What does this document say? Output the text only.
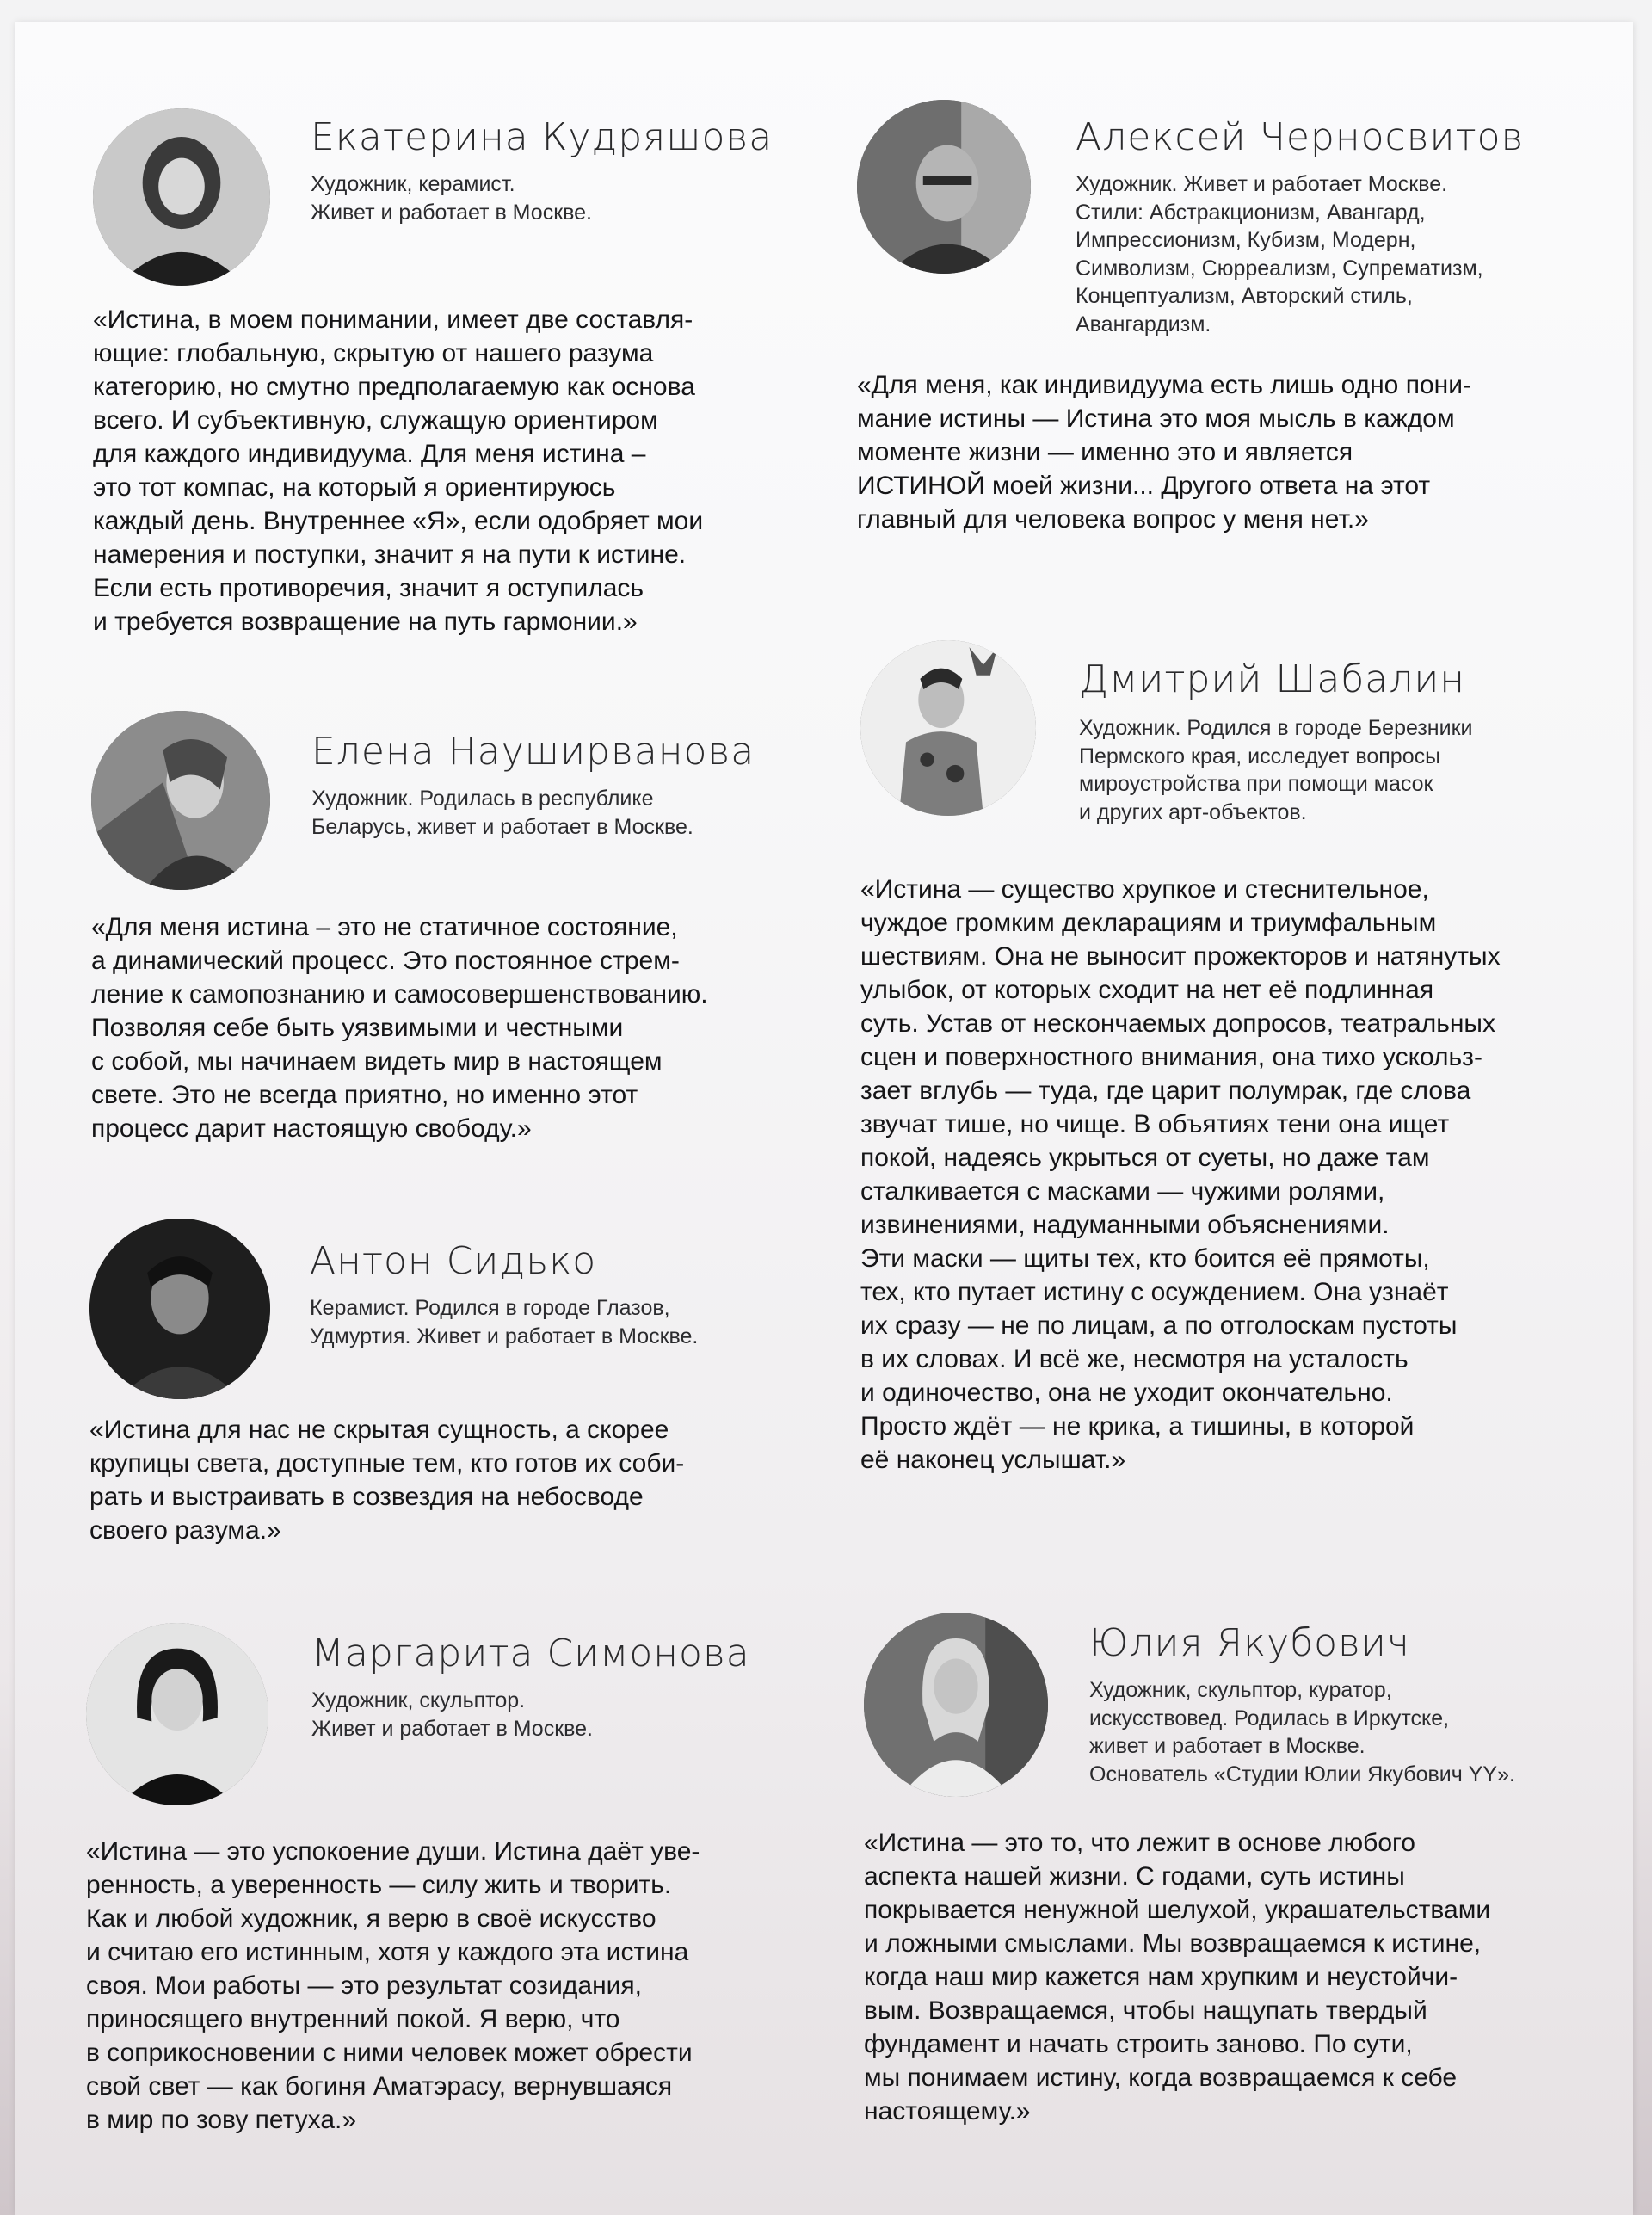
Екатерина Кудряшова
Художник, керамист.
Живет и работает в Москве.
«Истина, в моем понимании, имеет две составля-
ющие: глобальную, скрытую от нашего разума
категорию, но смутно предполагаемую как основа
всего. И субъективную, служащую ориентиром
для каждого индивидуума. Для меня истина –
это тот компас, на который я ориентируюсь
каждый день. Внутреннее «Я», если одобряет мои
намерения и поступки, значит я на пути к истине.
Если есть противоречия, значит я оступилась
и требуется возвращение на путь гармонии.»
Алексей Черносвитов
Художник. Живет и работает Москве.
Стили: Абстракционизм, Авангард,
Импрессионизм, Кубизм, Модерн,
Символизм, Сюрреализм, Супрематизм,
Концептуализм, Авторский стиль,
Авангардизм.
«Для меня, как индивидуума есть лишь одно пони-
мание истины — Истина это моя мысль в каждом
моменте жизни — именно это и является
ИСТИНОЙ моей жизни... Другого ответа на этот
главный для человека вопрос у меня нет.»
Елена Науширванова
Художник. Родилась в республике
Беларусь, живет и работает в Москве.
«Для меня истина – это не статичное состояние,
а динамический процесс. Это постоянное стрем-
ление к самопознанию и самосовершенствованию.
Позволяя себе быть уязвимыми и честными
с собой, мы начинаем видеть мир в настоящем
свете. Это не всегда приятно, но именно этот
процесс дарит настоящую свободу.»
Дмитрий Шабалин
Художник. Родился в городе Березники
Пермского края, исследует вопросы
мироустройства при помощи масок
и других арт-объектов.
«Истина — существо хрупкое и стеснительное,
чуждое громким декларациям и триумфальным
шествиям. Она не выносит прожекторов и натянутых
улыбок, от которых сходит на нет её подлинная
суть. Устав от нескончаемых допросов, театральных
сцен и поверхностного внимания, она тихо ускольз-
зает вглубь — туда, где царит полумрак, где слова
звучат тише, но чище. В объятиях тени она ищет
покой, надеясь укрыться от суеты, но даже там
сталкивается с масками — чужими ролями,
извинениями, надуманными объяснениями.
Эти маски — щиты тех, кто боится её прямоты,
тех, кто путает истину с осуждением. Она узнаёт
их сразу — не по лицам, а по отголоскам пустоты
в их словах. И всё же, несмотря на усталость
и одиночество, она не уходит окончательно.
Просто ждёт — не крика, а тишины, в которой
её наконец услышат.»
Антон Сидько
Керамист. Родился в городе Глазов,
Удмуртия. Живет и работает в Москве.
«Истина для нас не скрытая сущность, а скорее
крупицы света, доступные тем, кто готов их соби-
рать и выстраивать в созвездия на небосводе
своего разума.»
Маргарита Симонова
Художник, скульптор.
Живет и работает в Москве.
«Истина — это успокоение души. Истина даёт уве-
ренность, а уверенность — силу жить и творить.
Как и любой художник, я верю в своё искусство
и считаю его истинным, хотя у каждого эта истина
своя. Мои работы — это результат созидания,
приносящего внутренний покой. Я верю, что
в соприкосновении с ними человек может обрести
свой свет — как богиня Аматэрасу, вернувшаяся
в мир по зову петуха.»
Юлия Якубович
Художник, скульптор, куратор,
искусствовед. Родилась в Иркутске,
живет и работает в Москве.
Основатель «Студии Юлии Якубович YY».
«Истина — это то, что лежит в основе любого
аспекта нашей жизни. С годами, суть истины
покрывается ненужной шелухой, украшательствами
и ложными смыслами. Мы возвращаемся к истине,
когда наш мир кажется нам хрупким и неустойчи-
вым. Возвращаемся, чтобы нащупать твердый
фундамент и начать строить заново. По сути,
мы понимаем истину, когда возвращаемся к себе
настоящему.»
